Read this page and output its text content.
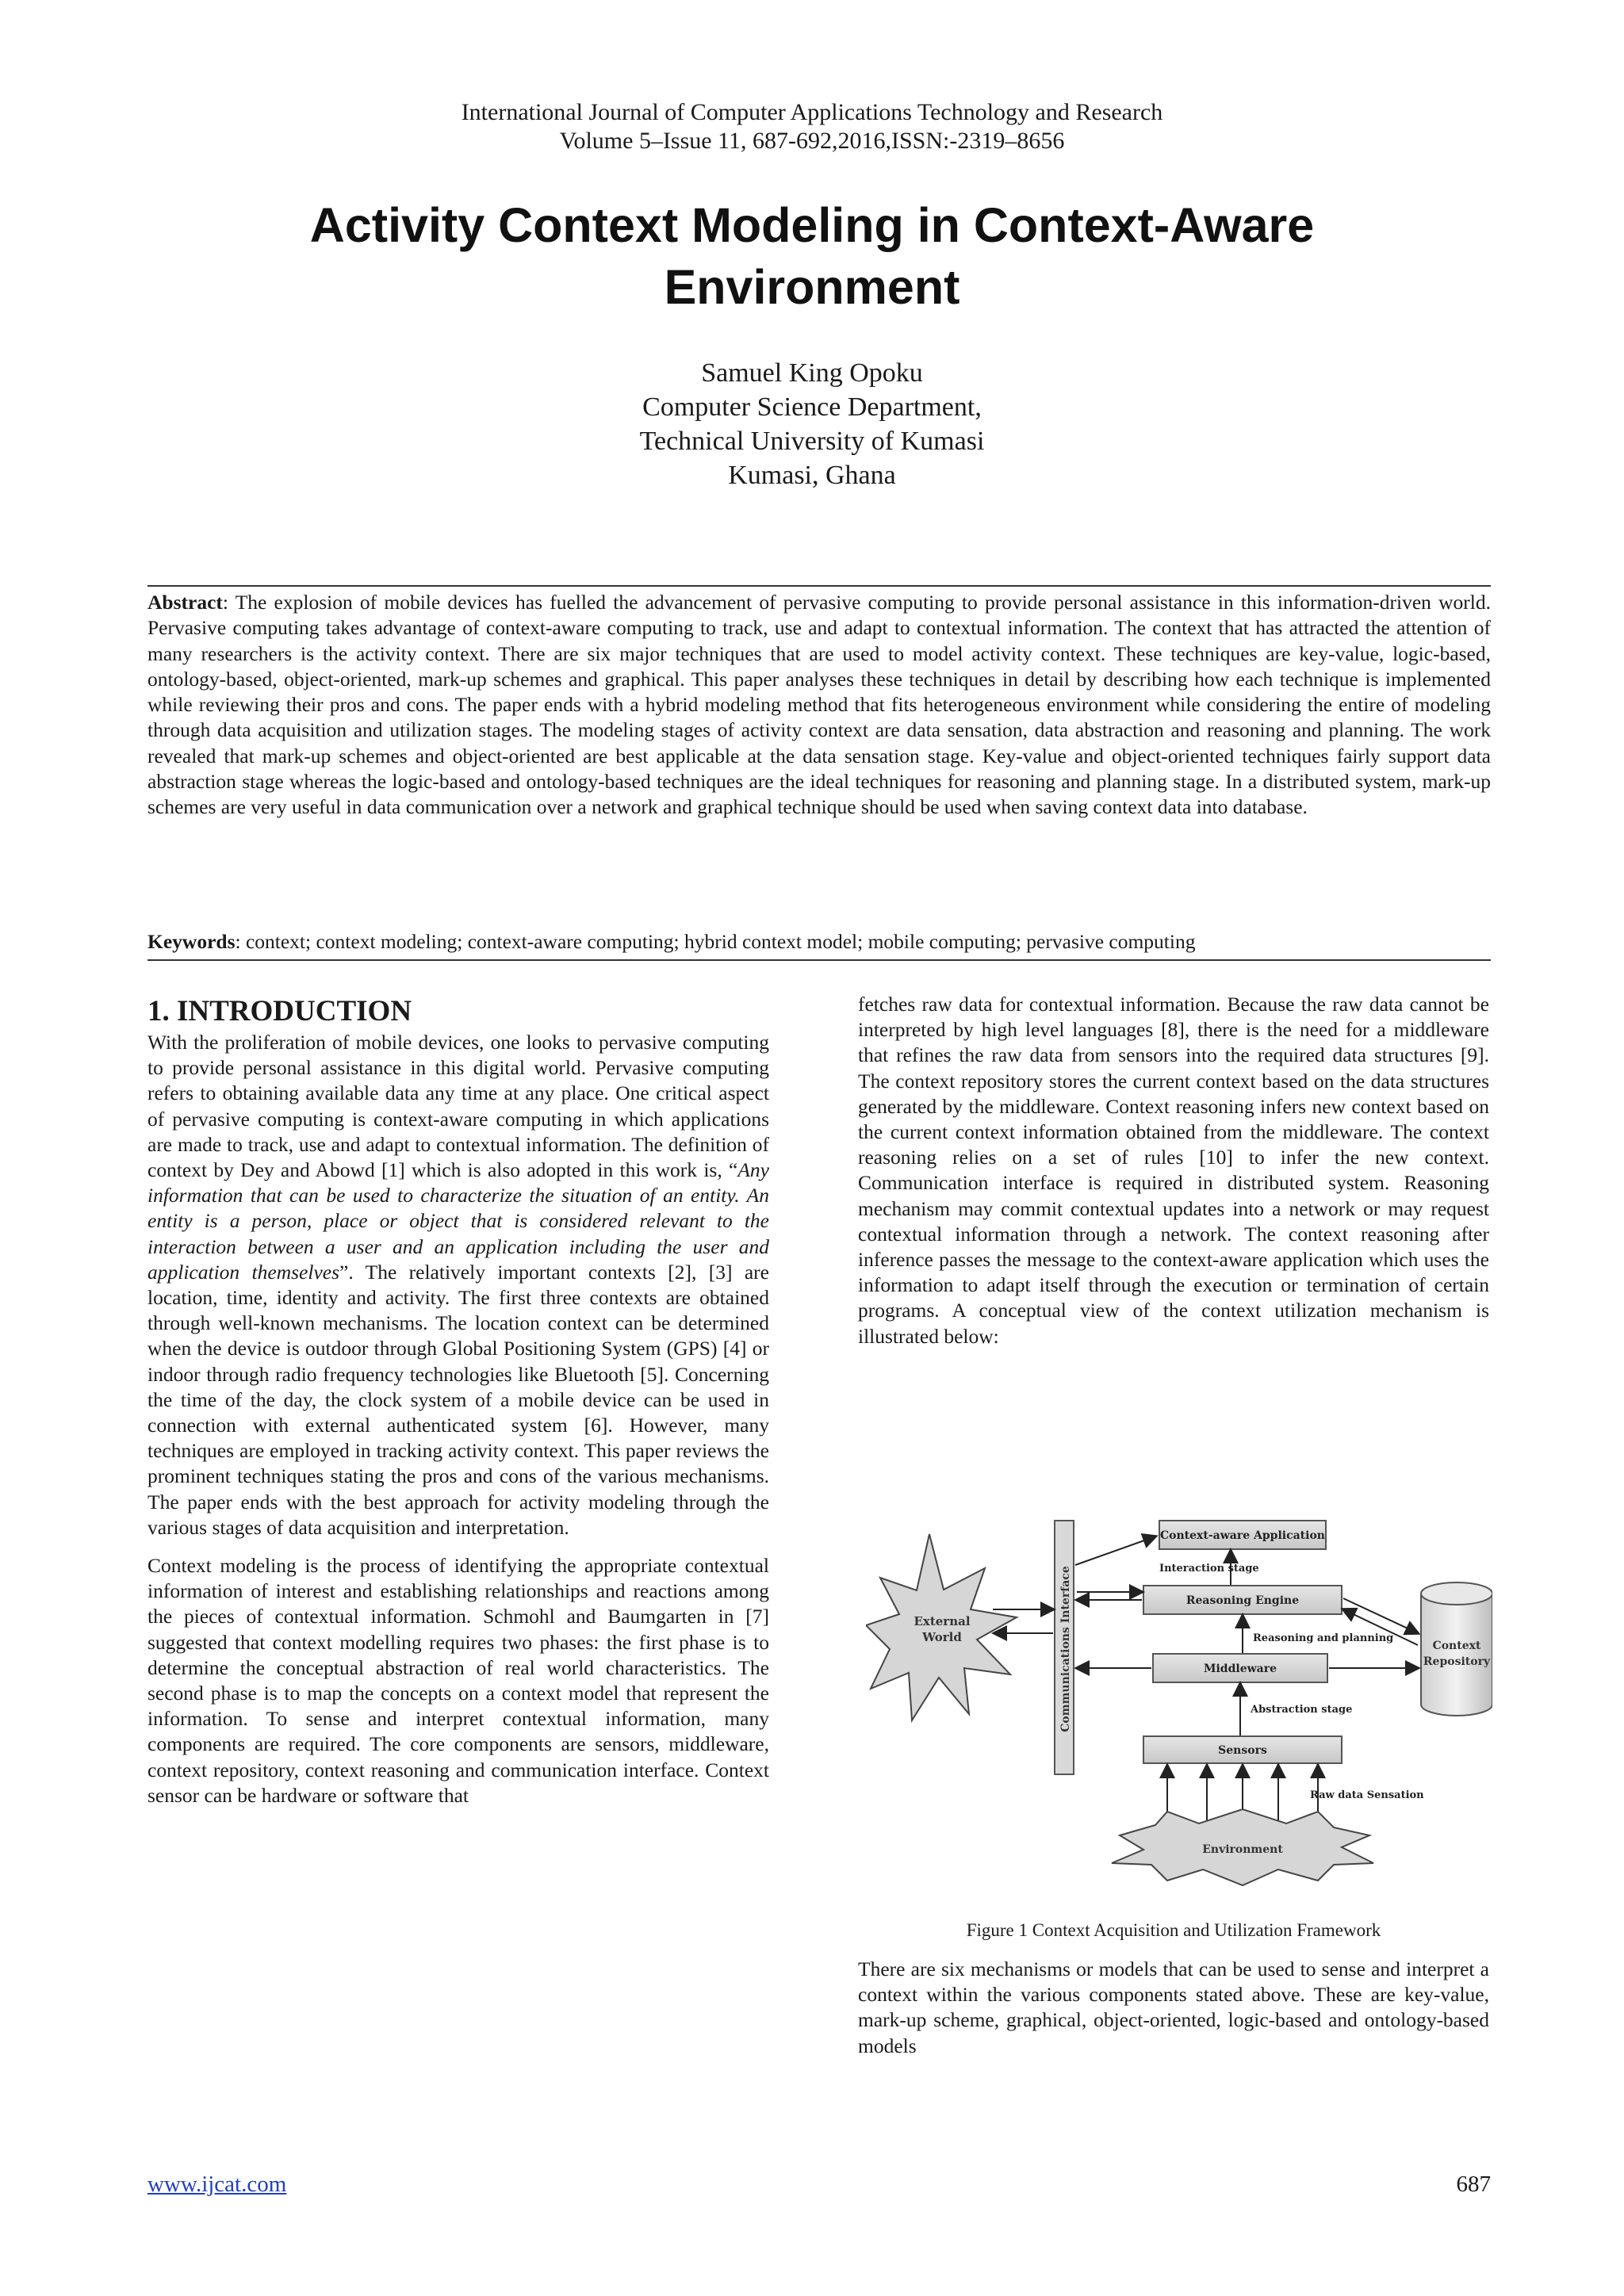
International Journal of Computer Applications Technology and Research
Volume 5–Issue 11, 687-692,2016,ISSN:-2319–8656
Activity Context Modeling in Context-Aware
Environment
Samuel King Opoku
Computer Science Department,
Technical University of Kumasi
Kumasi, Ghana
Abstract: The explosion of mobile devices has fuelled the advancement of pervasive computing to provide personal assistance in this information-driven world. Pervasive computing takes advantage of context-aware computing to track, use and adapt to contextual information. The context that has attracted the attention of many researchers is the activity context. There are six major techniques that are used to model activity context. These techniques are key-value, logic-based, ontology-based, object-oriented, mark-up schemes and graphical. This paper analyses these techniques in detail by describing how each technique is implemented while reviewing their pros and cons. The paper ends with a hybrid modeling method that fits heterogeneous environment while considering the entire of modeling through data acquisition and utilization stages. The modeling stages of activity context are data sensation, data abstraction and reasoning and planning. The work revealed that mark-up schemes and object-oriented are best applicable at the data sensation stage. Key-value and object-oriented techniques fairly support data abstraction stage whereas the logic-based and ontology-based techniques are the ideal techniques for reasoning and planning stage. In a distributed system, mark-up schemes are very useful in data communication over a network and graphical technique should be used when saving context data into database.
Keywords: context; context modeling; context-aware computing; hybrid context model; mobile computing; pervasive computing
1. INTRODUCTION

With the proliferation of mobile devices, one looks to pervasive computing to provide personal assistance in this digital world. Pervasive computing refers to obtaining available data any time at any place. One critical aspect of pervasive computing is context-aware computing in which applications are made to track, use and adapt to contextual information. The definition of context by Dey and Abowd [1] which is also adopted in this work is, “Any information that can be used to characterize the situation of an entity. An entity is a person, place or object that is considered relevant to the interaction between a user and an application including the user and application themselves”. The relatively important contexts [2], [3] are location, time, identity and activity. The first three contexts are obtained through well-known mechanisms. The location context can be determined when the device is outdoor through Global Positioning System (GPS) [4] or indoor through radio frequency technologies like Bluetooth [5]. Concerning the time of the day, the clock system of a mobile device can be used in connection with external authenticated system [6]. However, many techniques are employed in tracking activity context. This paper reviews the prominent techniques stating the pros and cons of the various mechanisms. The paper ends with the best approach for activity modeling through the various stages of data acquisition and interpretation.

Context modeling is the process of identifying the appropriate contextual information of interest and establishing relationships and reactions among the pieces of contextual information. Schmohl and Baumgarten in [7] suggested that context modelling requires two phases: the first phase is to determine the conceptual abstraction of real world characteristics. The second phase is to map the concepts on a context model that represent the information. To sense and interpret contextual information, many components are required. The core components are sensors, middleware, context repository, context reasoning and communication interface. Context sensor can be hardware or software that

fetches raw data for contextual information. Because the raw data cannot be interpreted by high level languages [8], there is the need for a middleware that refines the raw data from sensors into the required data structures [9]. The context repository stores the current context based on the data structures generated by the middleware. Context reasoning infers new context based on the current context information obtained from the middleware. The context reasoning relies on a set of rules [10] to infer the new context. Communication interface is required in distributed system. Reasoning mechanism may commit contextual updates into a network or may request contextual information through a network. The context reasoning after inference passes the message to the context-aware application which uses the information to adapt itself through the execution or termination of certain programs. A conceptual view of the context utilization mechanism is illustrated below:

External
World	Communications Interface
Context-aware Application
Interaction stage
Reasoning Engine
Reasoning and planning
Middleware
Context
Repository
Abstraction stage
Sensors
Raw data Sensation
Environment
Figure 1 Context Acquisition and Utilization Framework

There are six mechanisms or models that can be used to sense and interpret a context within the various components stated above. These are key-value, mark-up scheme, graphical, object-oriented, logic-based and ontology-based models

www.ijcat.com	687
